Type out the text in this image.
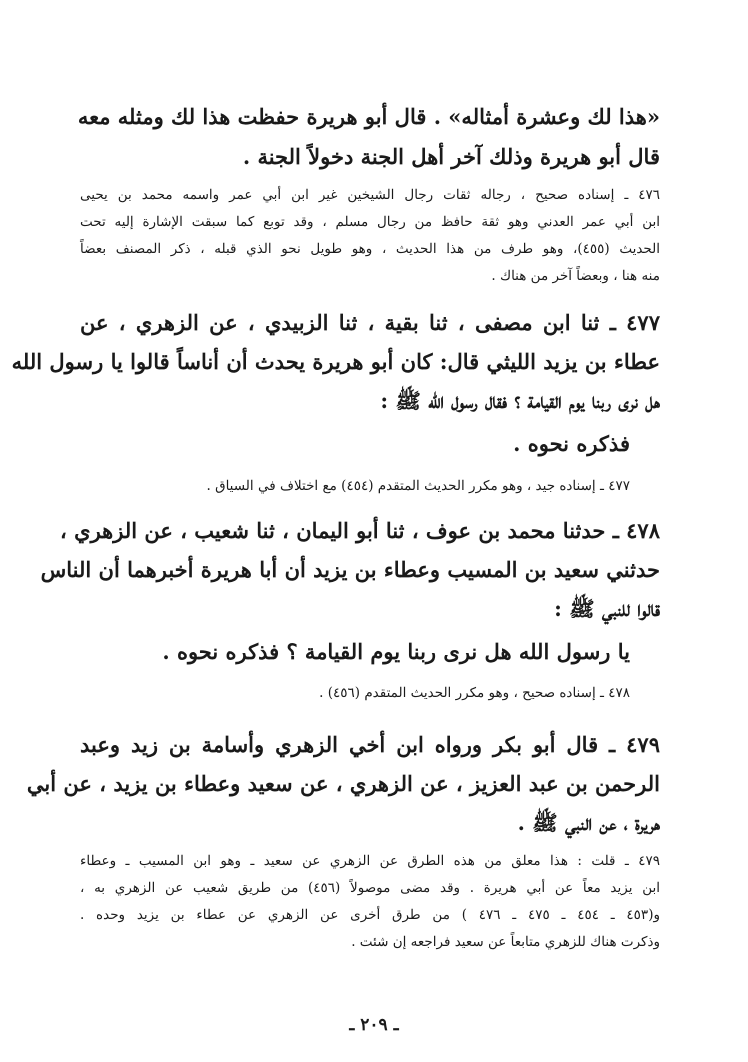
«هذا لك وعشرة أمثاله» . قال أبو هريرة حفظت هذا لك ومثله معه
قال أبو هريرة وذلك آخر أهل الجنة دخولاً الجنة .
٤٧٦ ـ إسناده صحيح ، رجاله ثقات رجال الشيخين غير ابن أبي عمر واسمه محمد بن يحيى
ابن أبي عمر العدني وهو ثقة حافظ من رجال مسلم ، وقد توبع كما سبقت الإشارة إليه تحت
الحديث (٤٥٥)، وهو طرف من هذا الحديث ، وهو طويل نحو الذي قبله ، ذكر المصنف بعضاً
منه هنا ، وبعضاً آخر من هناك .
٤٧٧ ـ ثنا ابن مصفى ، ثنا بقية ، ثنا الزبيدي ، عن الزهري ، عن
عطاء بن يزيد الليثي قال: كان أبو هريرة يحدث أن أناساً قالوا يا رسول الله
هل نرى ربنا يوم القيامة ؟ فقال رسول الله ﷺ :
فذكره نحوه .
٤٧٧ ـ إسناده جيد ، وهو مكرر الحديث المتقدم (٤٥٤) مع اختلاف في السياق .
٤٧٨ ـ حدثنا محمد بن عوف ، ثنا أبو اليمان ، ثنا شعيب ، عن الزهري ،
حدثني سعيد بن المسيب وعطاء بن يزيد أن أبا هريرة أخبرهما أن الناس
قالوا للنبي ﷺ :
يا رسول الله هل نرى ربنا يوم القيامة ؟ فذكره نحوه .
٤٧٨ ـ إسناده صحيح ، وهو مكرر الحديث المتقدم (٤٥٦) .
٤٧٩ ـ قال أبو بكر ورواه ابن أخي الزهري وأسامة بن زيد وعبد
الرحمن بن عبد العزيز ، عن الزهري ، عن سعيد وعطاء بن يزيد ، عن أبي
هريرة ، عن النبي ﷺ .
٤٧٩ ـ قلت : هذا معلق من هذه الطرق عن الزهري عن سعيد ـ وهو ابن المسيب ـ وعطاء
ابن يزيد معاً عن أبي هريرة . وقد مضى موصولاً (٤٥٦) من طريق شعيب عن الزهري به ،
و(٤٥٣ ـ ٤٥٤ ـ ٤٧٥ ـ ٤٧٦ ) من طرق أخرى عن الزهري عن عطاء بن يزيد وحده .
وذكرت هناك للزهري متابعاً عن سعيد فراجعه إن شئت .
ـ ٢٠٩ ـ
